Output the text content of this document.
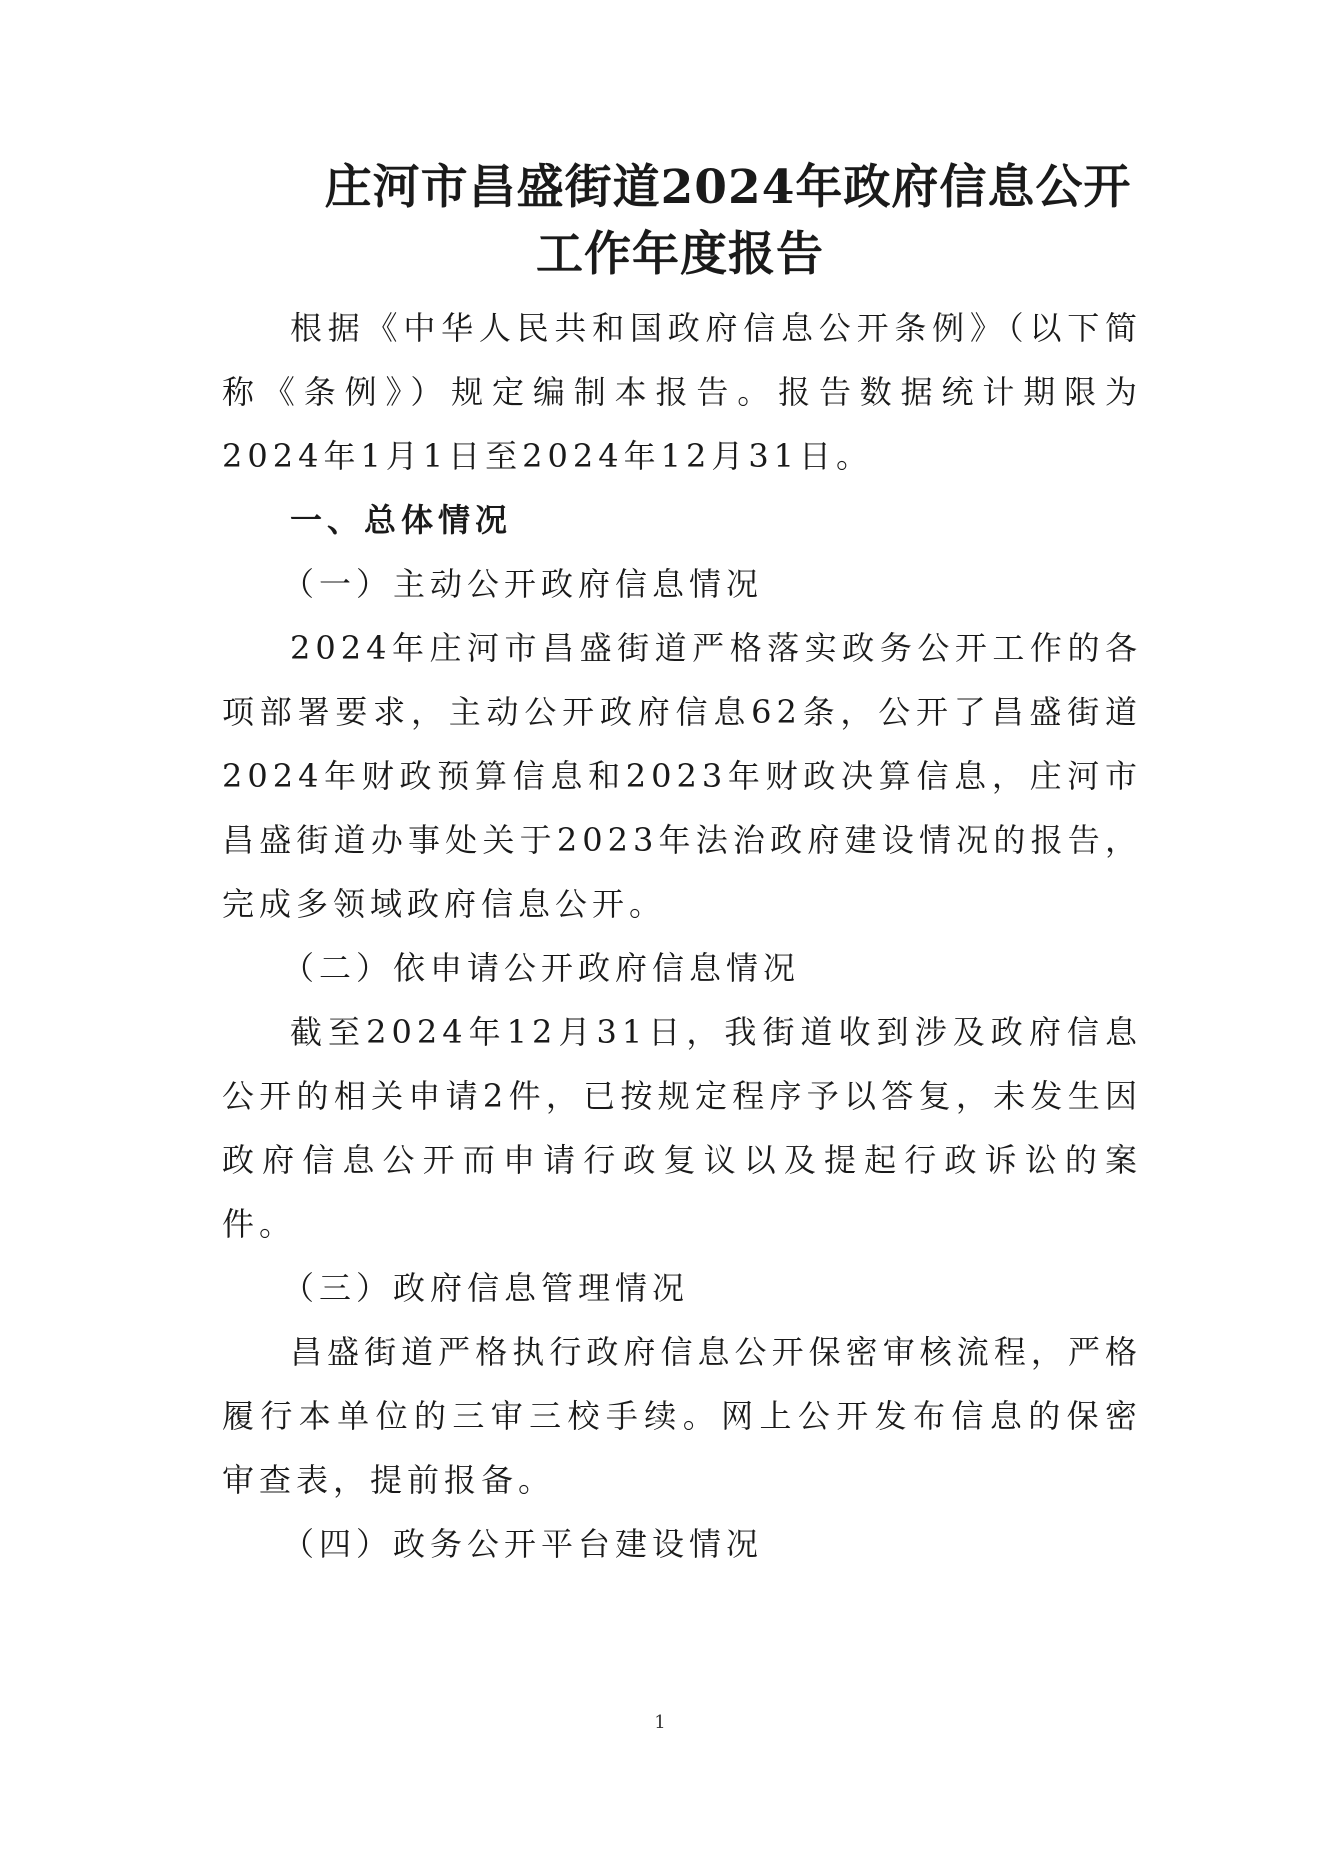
庄河市昌盛街道2024年政府信息公开
工作年度报告
根据《中华人民共和国政府信息公开条例》（以下简称《条例》）规定编制本报告。报告数据统计期限为2024年1月1日至2024年12月31日。
一、总体情况
（一）主动公开政府信息情况
2024年庄河市昌盛街道严格落实政务公开工作的各项部署要求，主动公开政府信息62条，公开了昌盛街道2024年财政预算信息和2023年财政决算信息，庄河市昌盛街道办事处关于2023年法治政府建设情况的报告，完成多领域政府信息公开。
（二）依申请公开政府信息情况
截至2024年12月31日，我街道收到涉及政府信息公开的相关申请2件，已按规定程序予以答复，未发生因政府信息公开而申请行政复议以及提起行政诉讼的案件。
（三）政府信息管理情况
昌盛街道严格执行政府信息公开保密审核流程，严格履行本单位的三审三校手续。网上公开发布信息的保密审查表，提前报备。
（四）政务公开平台建设情况
1
